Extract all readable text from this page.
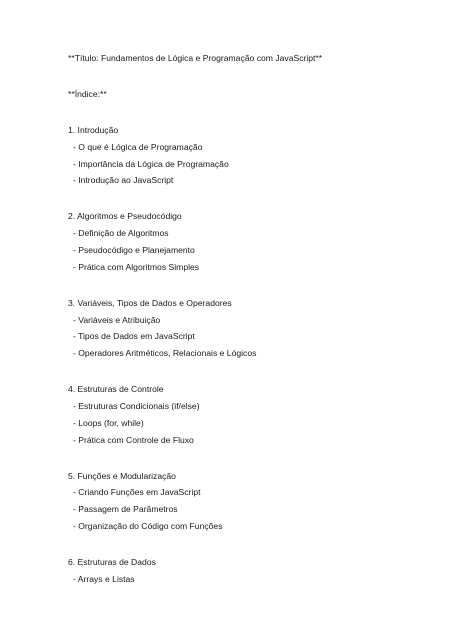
**Título: Fundamentos de Lógica e Programação com JavaScript**
**Índice:**
1. Introdução
- O que é Lógica de Programação
- Importância da Lógica de Programação
- Introdução ao JavaScript
2. Algoritmos e Pseudocódigo
- Definição de Algoritmos
- Pseudocódigo e Planejamento
- Prática com Algoritmos Simples
3. Variáveis, Tipos de Dados e Operadores
- Variáveis e Atribuição
- Tipos de Dados em JavaScript
- Operadores Aritméticos, Relacionais e Lógicos
4. Estruturas de Controle
- Estruturas Condicionais (if/else)
- Loops (for, while)
- Prática com Controle de Fluxo
5. Funções e Modularização
- Criando Funções em JavaScript
- Passagem de Parâmetros
- Organização do Código com Funções
6. Estruturas de Dados
- Arrays e Listas
